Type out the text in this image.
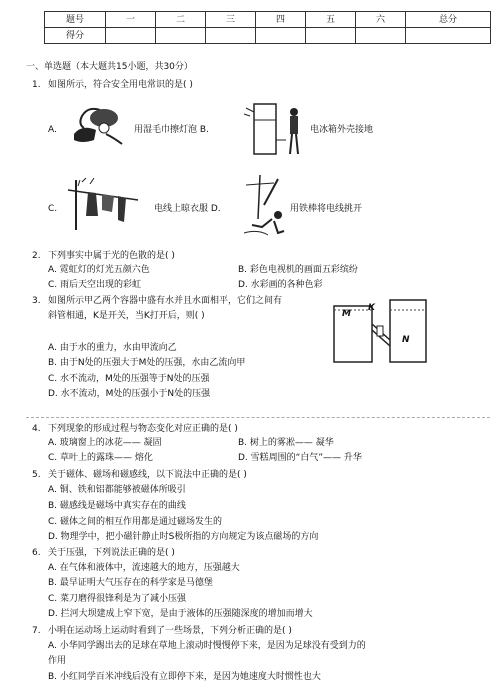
题号	一	二	三	四	五	六	总分
得分							
一、单选题（本大题共15小题，共30分）
1. 如图所示，符合安全用电常识的是( )
A.	用湿毛巾擦灯泡 B.	电冰箱外壳接地
C.	电线上晾衣服 D.	用铁棒将电线挑开
2. 下列事实中属于光的色散的是( )
A. 霓虹灯的灯光五颜六色	B. 彩色电视机的画面五彩缤纷
C. 雨后天空出现的彩虹	D. 水彩画的各种色彩
3. 如图所示甲乙两个容器中盛有水并且水面相平，它们之间有
斜管相通，K是开关，当K打开后，则( )	M
K
N
A. 由于水的重力，水由甲流向乙
B. 由于N处的压强大于M处的压强，水由乙流向甲
C. 水不流动，M处的压强等于N处的压强
D. 水不流动，M处的压强小于N处的压强
4. 下列现象的形成过程与物态变化对应正确的是( )
A. 玻璃窗上的冰花—— 凝固	B. 树上的雾凇—— 凝华
C. 草叶上的露珠—— 熔化	D. 雪糕周围的“白气”—— 升华
5. 关于磁体、磁场和磁感线，以下说法中正确的是( )
A. 铜、铁和铝都能够被磁体所吸引
B. 磁感线是磁场中真实存在的曲线
C. 磁体之间的相互作用都是通过磁场发生的
D. 物理学中，把小磁针静止时S极所指的方向规定为该点磁场的方向
6. 关于压强，下列说法正确的是( )
A. 在气体和液体中，流速越大的地方，压强越大
B. 最早证明大气压存在的科学家是马德堡
C. 菜刀磨得很锋利是为了减小压强
D. 拦河大坝建成上窄下宽，是由于液体的压强随深度的增加而增大
7. 小明在运动场上运动时看到了一些场景，下列分析正确的是( )
A. 小华同学踢出去的足球在草地上滚动时慢慢停下来，是因为足球没有受到力的
作用
B. 小红同学百米冲线后没有立即停下来，是因为她速度大时惯性也大
